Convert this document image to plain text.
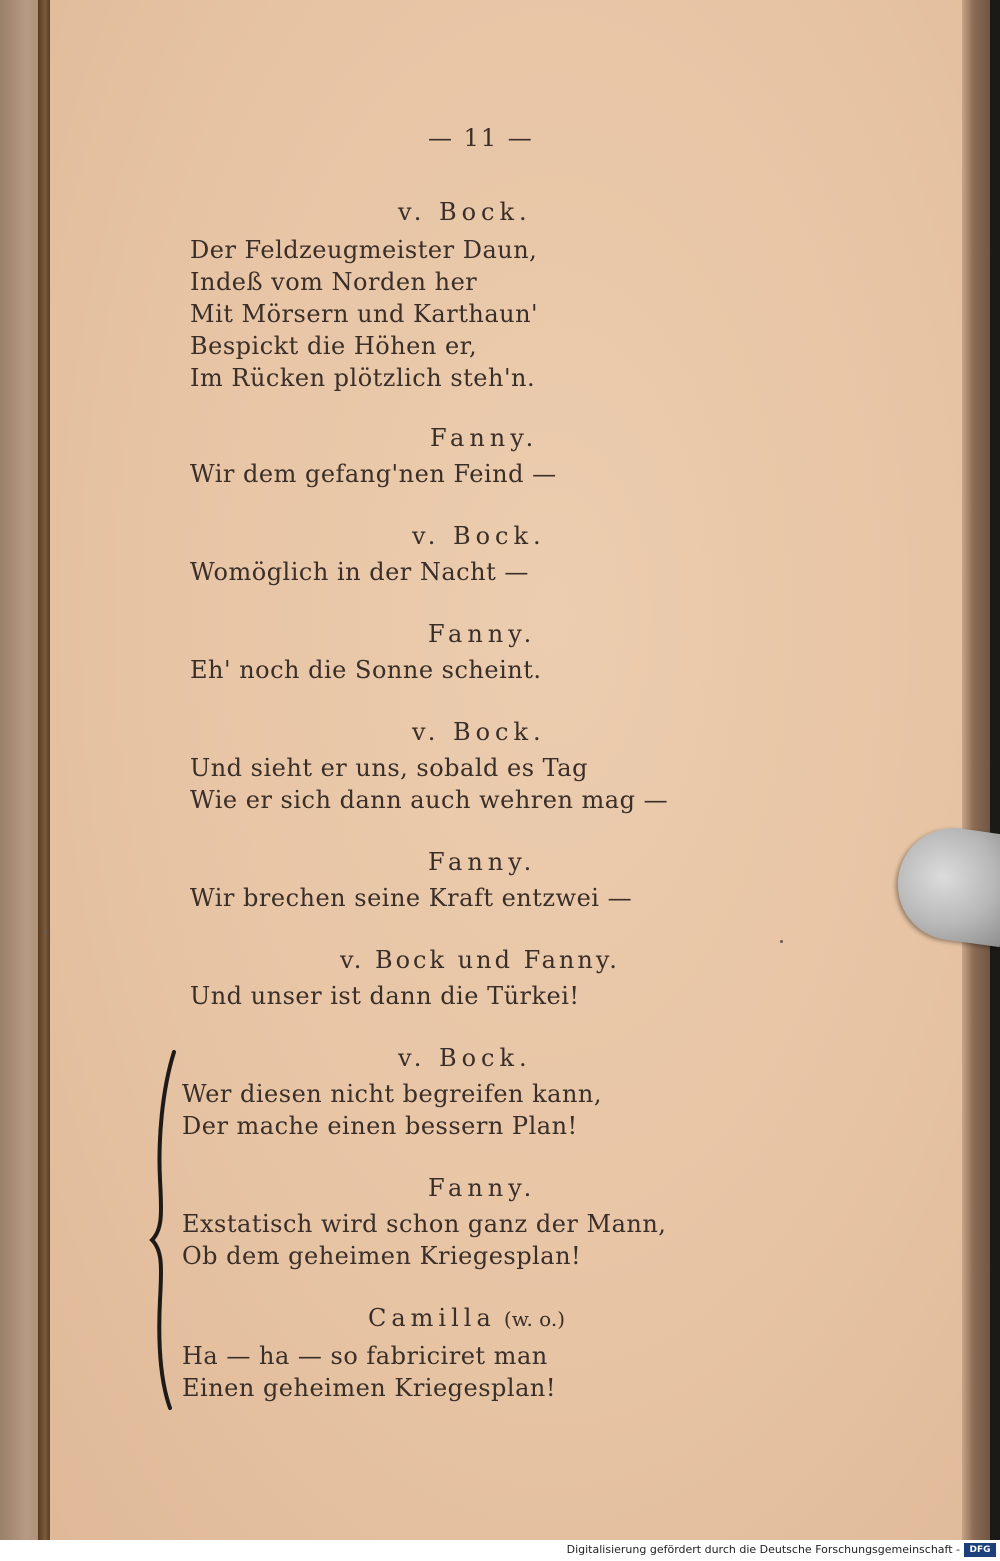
— 11 —
v. Bock.
Der Feldzeugmeister Daun,
Indeß vom Norden her
Mit Mörsern und Karthaun'
Bespickt die Höhen er,
Im Rücken plötzlich steh'n.
Fanny.
Wir dem gefang'nen Feind —
v. Bock.
Womöglich in der Nacht —
Fanny.
Eh' noch die Sonne scheint.
v. Bock.
Und sieht er uns, sobald es Tag
Wie er sich dann auch wehren mag —
Fanny.
Wir brechen seine Kraft entzwei —
v. Bock und Fanny.
Und unser ist dann die Türkei!
v. Bock.
Wer diesen nicht begreifen kann,
Der mache einen bessern Plan!
Fanny.
Exstatisch wird schon ganz der Mann,
Ob dem geheimen Kriegesplan!
Camilla (w. o.)
Ha — ha — so fabriciret man
Einen geheimen Kriegesplan!
Digitalisierung gefördert durch die Deutsche Forschungsgemeinschaft -	DFG
